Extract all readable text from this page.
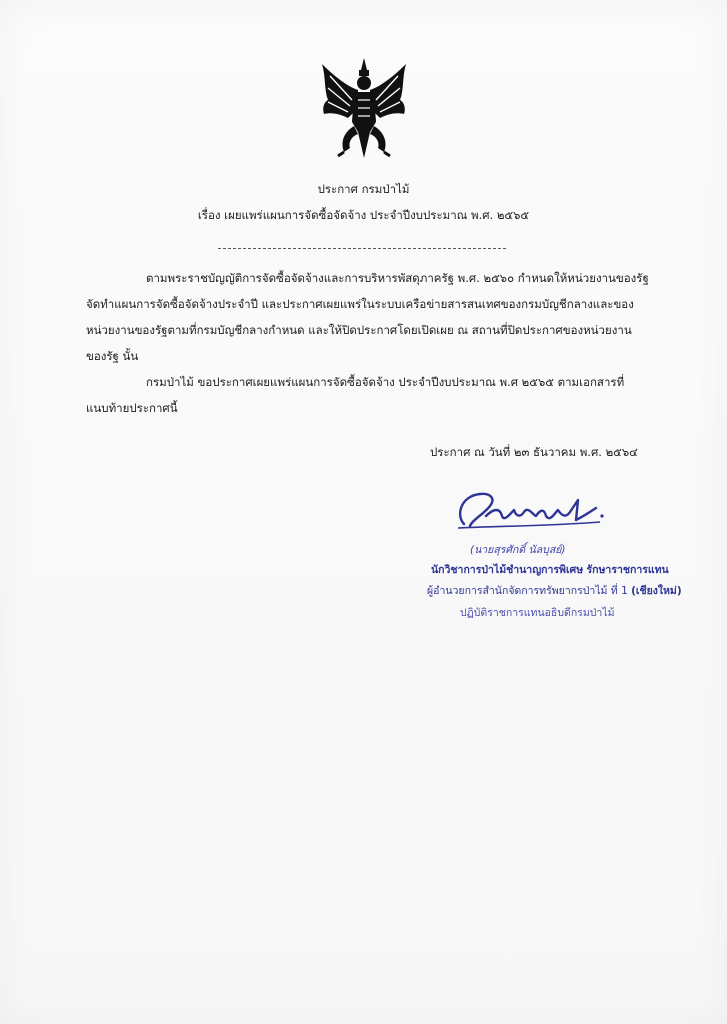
ประกาศ กรมป่าไม้
เรื่อง เผยแพร่แผนการจัดซื้อจัดจ้าง ประจำปีงบประมาณ พ.ศ. ๒๕๖๕
ตามพระราชบัญญัติการจัดซื้อจัดจ้างและการบริหารพัสดุภาครัฐ พ.ศ. ๒๕๖๐ กำหนดให้หน่วยงานของรัฐ
จัดทำแผนการจัดซื้อจัดจ้างประจำปี และประกาศเผยแพร่ในระบบเครือข่ายสารสนเทศของกรมบัญชีกลางและของ
หน่วยงานของรัฐตามที่กรมบัญชีกลางกำหนด และให้ปิดประกาศโดยเปิดเผย ณ สถานที่ปิดประกาศของหน่วยงาน
ของรัฐ นั้น
กรมป่าไม้ ขอประกาศเผยแพร่แผนการจัดซื้อจัดจ้าง ประจำปีงบประมาณ พ.ศ ๒๕๖๕ ตามเอกสารที่
แนบท้ายประกาศนี้
ประกาศ ณ วันที่ ๒๓ ธันวาคม พ.ศ. ๒๕๖๔
(นายสุรศักดิ์ นัลบุสย์)
นักวิชาการป่าไม้ชำนาญการพิเศษ รักษาราชการแทน
ผู้อำนวยการสำนักจัดการทรัพยากรป่าไม้ ที่ 1 (เชียงใหม่)
ปฏิบัติราชการแทนอธิบดีกรมป่าไม้
